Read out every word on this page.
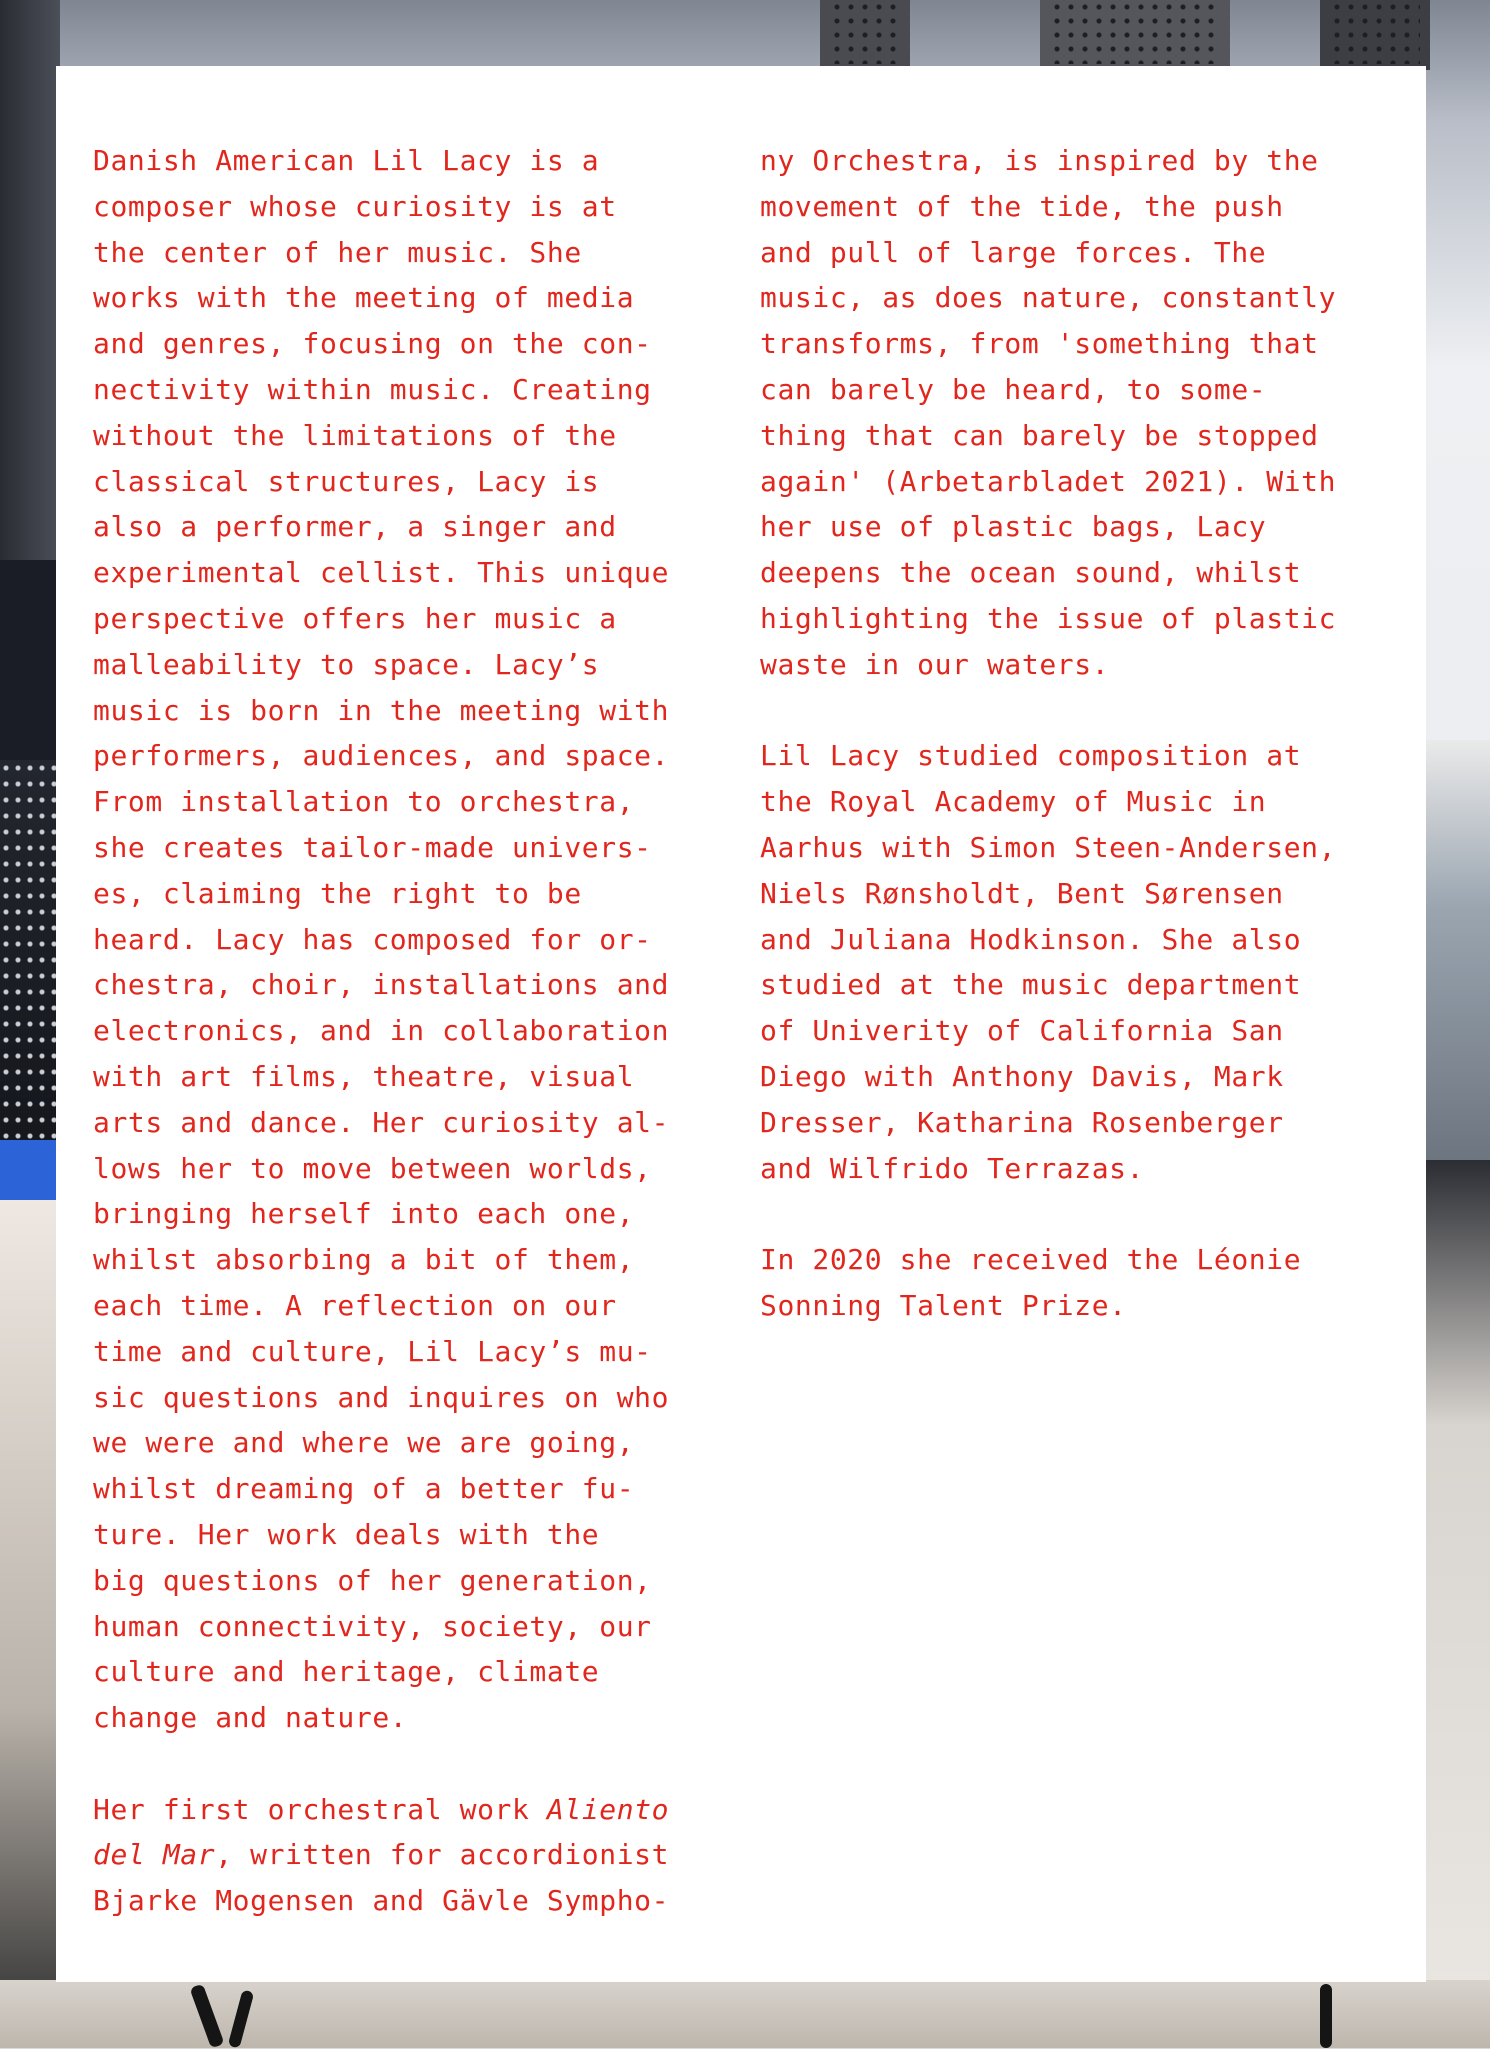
Danish American Lil Lacy is a
composer whose curiosity is at
the center of her music. She
works with the meeting of media
and genres, focusing on the con-
nectivity within music. Creating
without the limitations of the
classical structures, Lacy is
also a performer, a singer and
experimental cellist. This unique
perspective offers her music a
malleability to space. Lacy’s
music is born in the meeting with
performers, audiences, and space.
From installation to orchestra,
she creates tailor-made univers-
es, claiming the right to be
heard. Lacy has composed for or-
chestra, choir, installations and
electronics, and in collaboration
with art films, theatre, visual
arts and dance. Her curiosity al-
lows her to move between worlds,
bringing herself into each one,
whilst absorbing a bit of them,
each time. A reflection on our
time and culture, Lil Lacy’s mu-
sic questions and inquires on who
we were and where we are going,
whilst dreaming of a better fu-
ture. Her work deals with the
big questions of her generation,
human connectivity, society, our
culture and heritage, climate
change and nature.
Her first orchestral work Aliento
del Mar, written for accordionist
Bjarke Mogensen and Gävle Sympho-
ny Orchestra, is inspired by the
movement of the tide, the push
and pull of large forces. The
music, as does nature, constantly
transforms, from 'something that
can barely be heard, to some-
thing that can barely be stopped
again' (Arbetarbladet 2021). With
her use of plastic bags, Lacy
deepens the ocean sound, whilst
highlighting the issue of plastic
waste in our waters.
Lil Lacy studied composition at
the Royal Academy of Music in
Aarhus with Simon Steen-Andersen,
Niels Rønsholdt, Bent Sørensen
and Juliana Hodkinson. She also
studied at the music department
of Univerity of California San
Diego with Anthony Davis, Mark
Dresser, Katharina Rosenberger
and Wilfrido Terrazas.
In 2020 she received the Léonie
Sonning Talent Prize.
